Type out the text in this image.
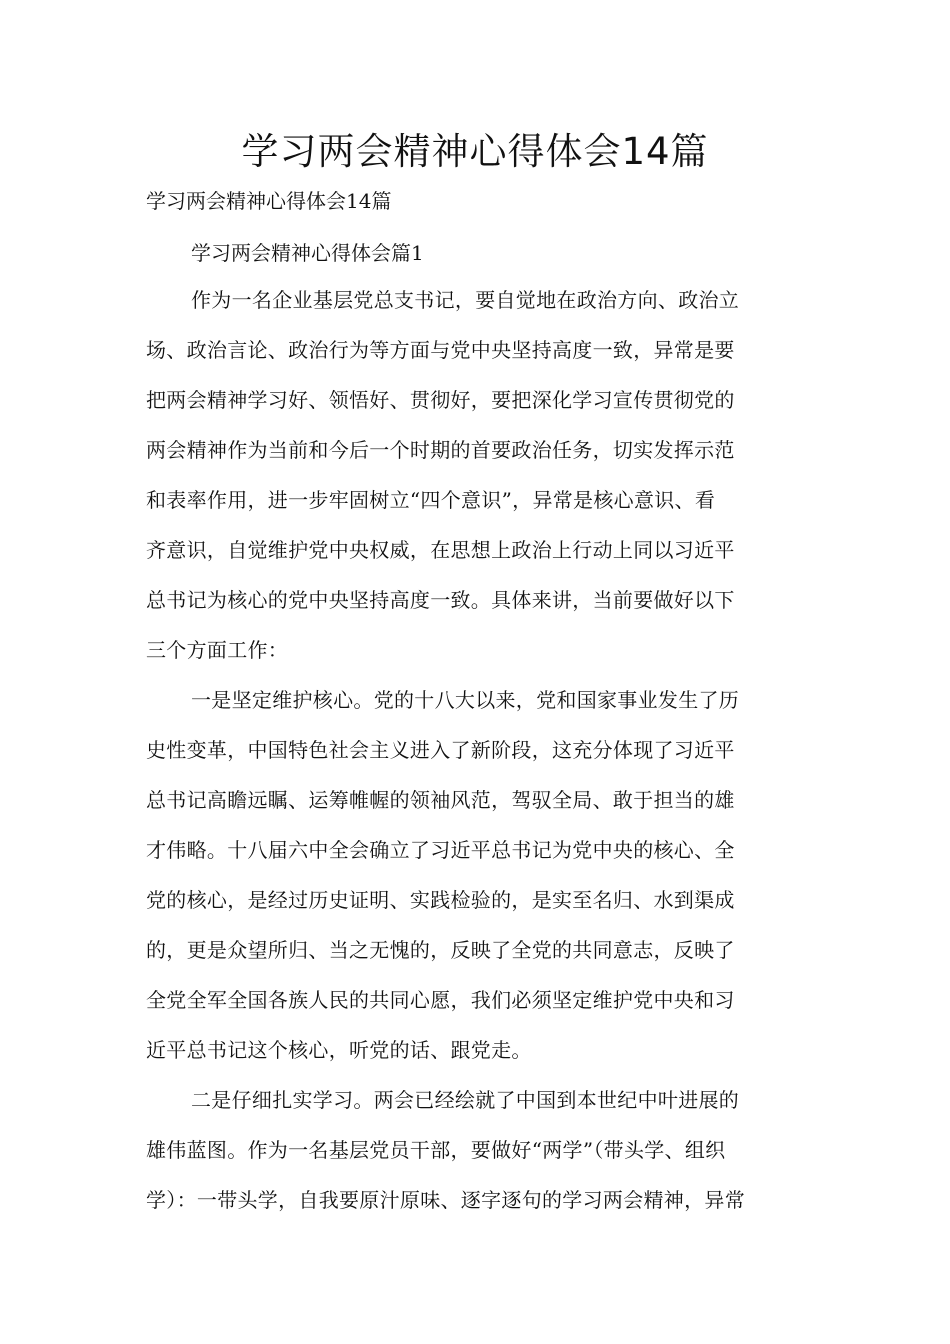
学习两会精神心得体会14篇

学习两会精神心得体会14篇

学习两会精神心得体会篇1

作为一名企业基层党总支书记，要自觉地在政治方向、政治立
场、政治言论、政治行为等方面与党中央坚持高度一致，异常是要
把两会精神学习好、领悟好、贯彻好，要把深化学习宣传贯彻党的
两会精神作为当前和今后一个时期的首要政治任务，切实发挥示范
和表率作用，进一步牢固树立“四个意识”，异常是核心意识、看
齐意识，自觉维护党中央权威，在思想上政治上行动上同以习近平
总书记为核心的党中央坚持高度一致。具体来讲，当前要做好以下
三个方面工作：
一是坚定维护核心。党的十八大以来，党和国家事业发生了历
史性变革，中国特色社会主义进入了新阶段，这充分体现了习近平
总书记高瞻远瞩、运筹帷幄的领袖风范，驾驭全局、敢于担当的雄
才伟略。十八届六中全会确立了习近平总书记为党中央的核心、全
党的核心，是经过历史证明、实践检验的，是实至名归、水到渠成
的，更是众望所归、当之无愧的，反映了全党的共同意志，反映了
全党全军全国各族人民的共同心愿，我们必须坚定维护党中央和习
近平总书记这个核心，听党的话、跟党走。
二是仔细扎实学习。两会已经绘就了中国到本世纪中叶进展的
雄伟蓝图。作为一名基层党员干部，要做好“两学”（带头学、组织
学）：一带头学，自我要原汁原味、逐字逐句的学习两会精神，异常
